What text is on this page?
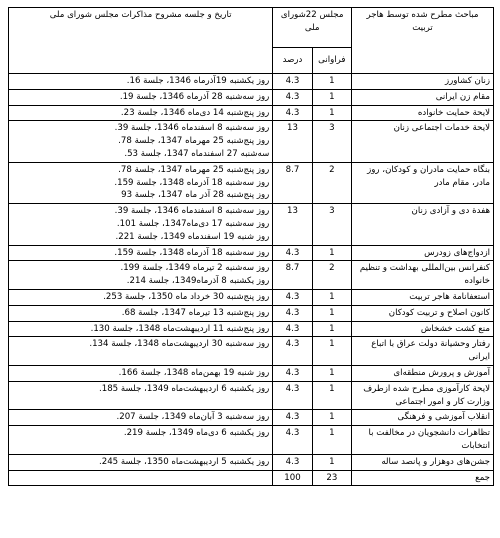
مباحث مطرح شده توسط هاجر تربیت	مجلس 22شورای ملی		تاریخ و جلسه مشروح مذاکرات مجلس شورای ملی
	فراوانی	درصد	
زنان کشاورز	1	4.3	روز یکشنبه 19آذرماه 1346، جلسة 16.

مقام زن ایرانی	1	4.3	روز سه‌شنبه 28 آذرماه 1346، جلسة 19.

لایحة حمایت خانواده	1	4.3	روز پنج‌شنبه 14 دی‌ماه 1346، جلسة 23.

لایحة خدمات اجتماعی زنان	3	13	روز سه‌شنبه 8 اسفندماه 1346، جلسة 39.
روز پنج‌شنبه 25 مهرماه 1347، جلسة 78.
سه‌شنبه 27 اسفندماه 1347، جلسة 53.

بنگاه حمایت مادران و کودکان، روز مادر، مقام مادر	2	8.7	روز پنج‌شنبه 25 مهرماه 1347، جلسة 78.
روز سه‌شنبه 18 آذرماه 1348، جلسة 159.
روز پنج‌شنبه 28 آذر ماه 1347، جلسة 93

هفدة دی و آزادی زنان	3	13	روز سه‌شنبه 8 اسفندماه 1346، جلسة 39.
روز سه‌شنبه 17 دی‌ماه1347، جلسة 101.
روز شنبه 19 اسفندماه 1349، جلسة 221.

ازدواج‌های زودرس	1	4.3	روز سه‌شنبه 18 آذرماه 1348، جلسة 159.

کنفرانس بین‌المللی بهداشت و تنظیم خانواده	2	8.7	روز سه‌شنبه 2 تیرماه 1349، جلسة 199.
روز یکشنبه 8 آذرماه1349، جلسة 214.

استعفانامة هاجر تربیت	1	4.3	روز پنج‌شنبه 30 خرداد ماه 1350، جلسة 253.

کانون اصلاح و تربیت کودکان	1	4.3	روز پنج‌شنبه 13 تیرماه 1347، جلسة 68.

منع کشت خشخاش	1	4.3	روز پنج‌شنبه 11 اردیبهشت‌ماه 1348، جلسة 130.

رفتار وحشیانة دولت عراق با اتباع ایرانی	1	4.3	روز سه‌شنبه 30 اردیبهشت‌ماه 1348، جلسة 134.

آموزش و پرورش منطقه‌ای	1	4.3	روز شنبه 19 بهمن‌ماه 1348، جلسة 166.

لایحة کارآموزی مطرح شده ازطرف وزارت کار و امور اجتماعی	1	4.3	روز یکشنبه 6 اردیبهشت‌ماه 1349، جلسة 185.

انقلاب آموزشی و فرهنگی	1	4.3	روز سه‌شنبه 3 آبان‌ماه 1349، جلسة 207.

تظاهرات دانشجویان در مخالفت با انتخابات	1	4.3	روز یکشنبه 6 دی‌ماه 1349، جلسة 219.

جشن‌های دوهزار و پانصد ساله	1	4.3	روز یکشنبه 5 اردیبهشت‌ماه 1350، جلسة 245.

جمع	23	100	
